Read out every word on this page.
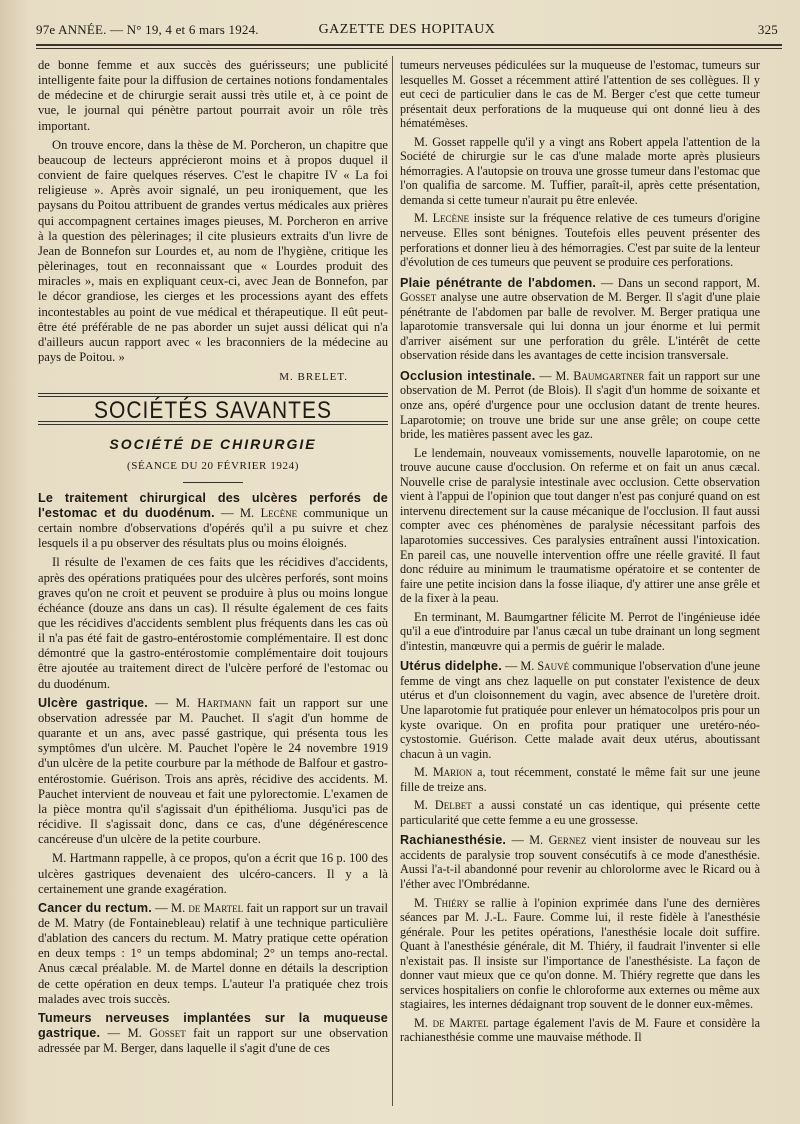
97e ANNÉE. — N° 19, 4 et 6 mars 1924.	GAZETTE DES HOPITAUX	325

de bonne femme et aux succès des guérisseurs; une publicité intelligente faite pour la diffusion de certaines notions fondamentales de médecine et de chirurgie serait aussi très utile et, à ce point de vue, le journal qui pénètre partout pourrait avoir un rôle très important.

On trouve encore, dans la thèse de M. Porcheron, un chapitre que beaucoup de lecteurs apprécieront moins et à propos duquel il convient de faire quelques réserves. C'est le chapitre IV « La foi religieuse ». Après avoir signalé, un peu ironiquement, que les paysans du Poitou attribuent de grandes vertus médicales aux prières qui accompagnent certaines images pieuses, M. Porcheron en arrive à la question des pèlerinages; il cite plusieurs extraits d'un livre de Jean de Bonnefon sur Lourdes et, au nom de l'hygiène, critique les pèlerinages, tout en reconnaissant que « Lourdes produit des miracles », mais en expliquant ceux-ci, avec Jean de Bonnefon, par le décor grandiose, les cierges et les processions ayant des effets incontestables au point de vue médical et thérapeutique. Il eût peut-être été préférable de ne pas aborder un sujet aussi délicat qui n'a d'ailleurs aucun rapport avec « les braconniers de la médecine au pays de Poitou. »

M. BRELET.

SOCIÉTÉS SAVANTES
SOCIÉTÉ DE CHIRURGIE
(SÉANCE DU 20 FÉVRIER 1924)

Le traitement chirurgical des ulcères perforés de l'estomac et du duodénum. — M. Lecène communique un certain nombre d'observations d'opérés qu'il a pu suivre et chez lesquels il a pu observer des résultats plus ou moins éloignés.

Il résulte de l'examen de ces faits que les récidives d'accidents, après des opérations pratiquées pour des ulcères perforés, sont moins graves qu'on ne croit et peuvent se produire à plus ou moins longue échéance (douze ans dans un cas). Il résulte également de ces faits que les récidives d'accidents semblent plus fréquents dans les cas où il n'a pas été fait de gastro-entérostomie complémentaire. Il est donc démontré que la gastro-entérostomie complémentaire doit toujours être ajoutée au traitement direct de l'ulcère perforé de l'estomac ou du duodénum.

Ulcère gastrique. — M. Hartmann fait un rapport sur une observation adressée par M. Pauchet. Il s'agit d'un homme de quarante et un ans, avec passé gastrique, qui présenta tous les symptômes d'un ulcère. M. Pauchet l'opère le 24 novembre 1919 d'un ulcère de la petite courbure par la méthode de Balfour et gastro-entérostomie. Guérison. Trois ans après, récidive des accidents. M. Pauchet intervient de nouveau et fait une pylorectomie. L'examen de la pièce montra qu'il s'agissait d'un épithélioma. Jusqu'ici pas de récidive. Il s'agissait donc, dans ce cas, d'une dégénérescence cancéreuse d'un ulcère de la petite courbure.

M. Hartmann rappelle, à ce propos, qu'on a écrit que 16 p. 100 des ulcères gastriques devenaient des ulcéro-cancers. Il y a là certainement une grande exagération.

Cancer du rectum. — M. de Martel fait un rapport sur un travail de M. Matry (de Fontainebleau) relatif à une technique particulière d'ablation des cancers du rectum. M. Matry pratique cette opération en deux temps : 1° un temps abdominal; 2° un temps ano-rectal. Anus cæcal préalable. M. de Martel donne en détails la description de cette opération en deux temps. L'auteur l'a pratiquée chez trois malades avec trois succès.

Tumeurs nerveuses implantées sur la muqueuse gastrique. — M. Gosset fait un rapport sur une observation adressée par M. Berger, dans laquelle il s'agit d'une de ces

tumeurs nerveuses pédiculées sur la muqueuse de l'estomac, tumeurs sur lesquelles M. Gosset a récemment attiré l'attention de ses collègues. Il y eut ceci de particulier dans le cas de M. Berger c'est que cette tumeur présentait deux perforations de la muqueuse qui ont donné lieu à des hématémèses.

M. Gosset rappelle qu'il y a vingt ans Robert appela l'attention de la Société de chirurgie sur le cas d'une malade morte après plusieurs hémorragies. A l'autopsie on trouva une grosse tumeur dans l'estomac que l'on qualifia de sarcome. M. Tuffier, paraît-il, après cette présentation, demanda si cette tumeur n'aurait pu être enlevée.

M. Lecène insiste sur la fréquence relative de ces tumeurs d'origine nerveuse. Elles sont bénignes. Toutefois elles peuvent présenter des perforations et donner lieu à des hémorragies. C'est par suite de la lenteur d'évolution de ces tumeurs que peuvent se produire ces perforations.

Plaie pénétrante de l'abdomen. — Dans un second rapport, M. Gosset analyse une autre observation de M. Berger. Il s'agit d'une plaie pénétrante de l'abdomen par balle de revolver. M. Berger pratiqua une laparotomie transversale qui lui donna un jour énorme et lui permit d'arriver aisément sur une perforation du grêle. L'intérêt de cette observation réside dans les avantages de cette incision transversale.

Occlusion intestinale. — M. Baumgartner fait un rapport sur une observation de M. Perrot (de Blois). Il s'agit d'un homme de soixante et onze ans, opéré d'urgence pour une occlusion datant de trente heures. Laparotomie; on trouve une bride sur une anse grêle; on coupe cette bride, les matières passent avec les gaz.

Le lendemain, nouveaux vomissements, nouvelle laparotomie, on ne trouve aucune cause d'occlusion. On referme et on fait un anus cæcal. Nouvelle crise de paralysie intestinale avec occlusion. Cette observation vient à l'appui de l'opinion que tout danger n'est pas conjuré quand on est intervenu directement sur la cause mécanique de l'occlusion. Il faut aussi compter avec ces phénomènes de paralysie nécessitant parfois des laparotomies successives. Ces paralysies entraînent aussi l'intoxication. En pareil cas, une nouvelle intervention offre une réelle gravité. Il faut donc réduire au minimum le traumatisme opératoire et se contenter de faire une petite incision dans la fosse iliaque, d'y attirer une anse grêle et de la fixer à la peau.

En terminant, M. Baumgartner félicite M. Perrot de l'ingénieuse idée qu'il a eue d'introduire par l'anus cæcal un tube drainant un long segment d'intestin, manœuvre qui a permis de guérir le malade.

Utérus didelphe. — M. Sauvé communique l'observation d'une jeune femme de vingt ans chez laquelle on put constater l'existence de deux utérus et d'un cloisonnement du vagin, avec absence de l'uretère droit. Une laparotomie fut pratiquée pour enlever un hématocolpos pris pour un kyste ovarique. On en profita pour pratiquer une uretéro-néo-cystostomie. Guérison. Cette malade avait deux utérus, aboutissant chacun à un vagin.

M. Marion a, tout récemment, constaté le même fait sur une jeune fille de treize ans.

M. Delbet a aussi constaté un cas identique, qui présente cette particularité que cette femme a eu une grossesse.

Rachianesthésie. — M. Gernez vient insister de nouveau sur les accidents de paralysie trop souvent consécutifs à ce mode d'anesthésie. Aussi l'a-t-il abandonné pour revenir au chlorolorme avec le Ricard ou à l'éther avec l'Ombrédanne.

M. Thiéry se rallie à l'opinion exprimée dans l'une des dernières séances par M. J.-L. Faure. Comme lui, il reste fidèle à l'anesthésie générale. Pour les petites opérations, l'anesthésie locale doit suffire. Quant à l'anesthésie générale, dit M. Thiéry, il faudrait l'inventer si elle n'existait pas. Il insiste sur l'importance de l'anesthésiste. La façon de donner vaut mieux que ce qu'on donne. M. Thiéry regrette que dans les services hospitaliers on confie le chloroforme aux externes ou même aux stagiaires, les internes dédaignant trop souvent de le donner eux-mêmes.

M. de Martel partage également l'avis de M. Faure et considère la rachianesthésie comme une mauvaise méthode. Il
